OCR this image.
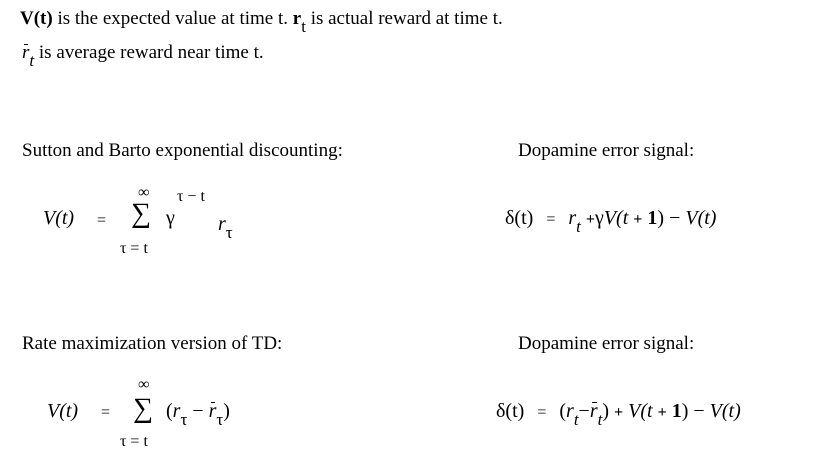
V(t) is the expected value at time t. rt is actual reward at time t.
rt is average reward near time t.
Sutton and Barto exponential discounting:	Dopamine error signal:
V(t) =
∞
∑
τ = t
γ
τ − t
$r_\tau$
$\delta(t) = r_t +\gamma V(t + 1) - V(t)$
Rate maximization version of TD:	Dopamine error signal:
V(t) =
∞
∑
τ = t
$(r_\tau - r_\tau)$	$\delta(t) = (r_t-r_t) + V(t + 1) - V(t)$
